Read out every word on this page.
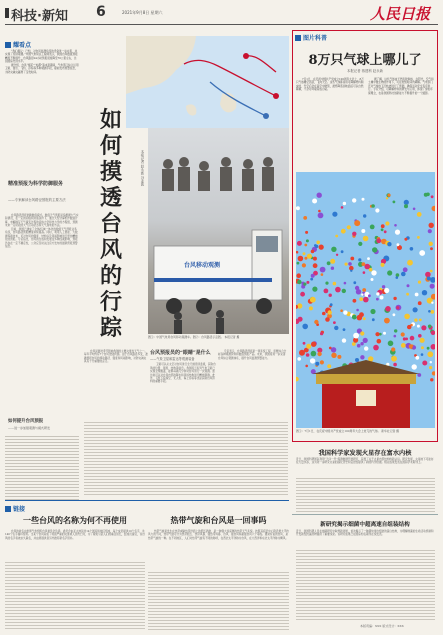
科技·新知 6	2021年9月8日 星期六	人民日报
耀看点

“我们提议：已知，对台风监测系统的设备进一步完善，并实现了连续观测。”中国气象局总工程师表示，我国台风数值预报精度不断提升，台风路径24小时预报误差降至70公里左右，达到国际先进水平。

据介绍，台风“烟花”“灿都”等来袭期间，气象部门综合运用卫星、雷达、飞机、浮标等多种观测手段，提前发布预警信息，为防灾减灾赢得了宝贵时间。

精准预报为科学防御服务
——专家解读台风路径预报的主要方法

台风路径预报依赖数值模式。数值天气预报是指根据大气实际情况，在一定的初值和边值条件下，通过大型计算机作数值计算，求解描写天气演变过程的流体力学和热力学的方程组，预测未来一定时段的大气运动状态和天气现象的方法。

目前，我国已建成了全球/区域一体化的数值天气预报业务系统，台风路径预报精度持续提高。同时，利用人工智能、大数据等新技术，可对台风的强度、结构以及风雨影响进行更加精细化的预报。专家指出，台风的生成和发展受多种因素影响，预报仍存在一定不确定性，公众应及时关注官方发布的最新预报预警信息。

如何提升台风预报
——进一步加强观测与模式研发
如
何
摸
透
台
风
的
行
踪
本报记者 赵永新 谷业凯
台风移动观测
图①：中国气象局台风移动观测车。图②：台风路径示意图。 本报记者 摄

台风是夏秋季节影响我国的主要灾害性天气之一。每年平均约有7个台风登陆我国。由于台风路径多变，准确预报台风的移动路径、强度和风雨影响，对防灾减灾具有十分重要的意义。

台风预报员的“眼睛”是什么
——气象卫星和雷达等观测装备

卫星可以从太空对台风进行全天候连续监视，获取台风的位置、强度、结构等信息。我国风云系列气象卫星已实现全球覆盖，能够每隔几分钟对台风进行一次观测。雷达则可以对台风内部的降水和风场结构进行精细观测。此外，飞机下投探空、无人机、海上浮标等也是获取台风资料的重要手段。

专家表示，台风路径预报是一项系统工程，需要综合分析各种观测资料和数值预报产品。未来，我国将进一步完善台风综合观测体系，提升台风监测预警能力。

图片科普
8万只气球上哪儿了
本报记者 蒋建科 赵永新

7月1日，在庆祝中国共产党成立100周年大会上，8万只气球腾空而起，飞向天空。这些气球都是用可降解材料制成的，升空后会在高空中破裂，最终降落到地面后可以自然降解，不会对环境造成污染。

据了解，这些气球由天然乳胶制成，在阳光、空气和土壤中微生物的作用下，可在较短时间内降解。气象部门还对气球的飞行轨迹进行了预测，确保活动安全有序进行。专家介绍，可降解材料的研发与应用，体现了绿色环保理念，也是我国科技创新能力不断提升的一个缩影。

图①：7月1日，在庆祝中国共产党成立100周年大会上放飞的气球。 新华社记者 摄
我国科学家发现火星存在富水内核
近日，我国科研团队利用“天问一号”探测数据开展研究，获得了关于火星内部结构的新认识。研究发现，火星地下可能存在大量水冰，这为进一步研究火星的演化历史和宜居性提供了新的科学依据。相关成果发表在国际学术期刊上。
新研究揭示细菌中超离速自组装结构
近日，我国科研人员在细菌研究中取得新进展，首次揭示了一种超快速自组装的蛋白结构，为理解细菌的生命活动机制和开发新型抗菌药物提供了重要线索。该研究成果已在国际知名期刊在线发表。
本版责编：XXX 版式设计：XXX
链接
一些台风的名称为何不再使用

台风的命名由世界气象组织台风委员会负责。委员会由亚太地区的14个国家和地区组成，每个成员提供10个名字，共140个名字循环使用。当某个台风造成了特别严重的灾害或人员伤亡时，为了避免引起人们的痛苦回忆，经成员提议，该台风的名字将被永久除名，并由原提供者另外推荐新名字替补。

热带气旋和台风是一回事吗

热带气旋是发生在热带或副热带洋面上的低压涡旋，是一种强大而深厚的热带天气系统。按照其底层中心附近最大平均风力的不同，热带气旋可分为热带低压、热带风暴、强热带风暴、台风、强台风和超强台风六个等级。通常所说的台风，是热带气旋的一种。在不同地区，人们对热带气旋有不同的称呼，在西北太平洋称为台风，在大西洋和东北太平洋称为飓风。
